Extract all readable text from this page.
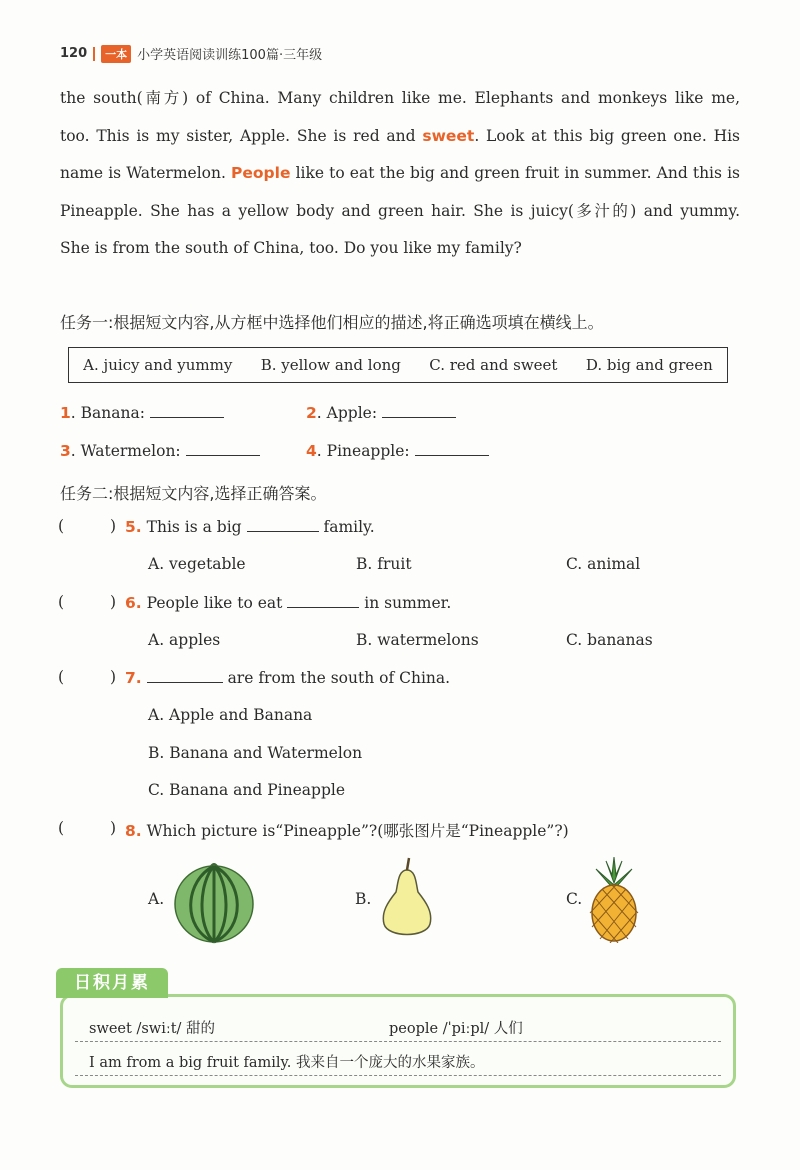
120	一本 小学英语阅读训练100篇·三年级
the south(南方) of China. Many children like me. Elephants and monkeys like me,
too. This is my sister, Apple. She is red and sweet. Look at this big green one. His
name is Watermelon. People like to eat the big and green fruit in summer. And this is
Pineapple. She has a yellow body and green hair. She is juicy(多汁的) and yummy.
She is from the south of China, too. Do you like my family?
任务一:根据短文内容,从方框中选择他们相应的描述,将正确选项填在横线上。
A. juicy and yummy B. yellow and long C. red and sweet D. big and green
1. Banana:	2. Apple:
3. Watermelon:	4. Pineapple:
任务二:根据短文内容,选择正确答案。
(	) 5. This is a big	family.
A. vegetable	B. fruit	C. animal
(	) 6. People like to eat	in summer.
A. apples	B. watermelons	C. bananas
(	) 7.	are from the south of China.
A. Apple and Banana
B. Banana and Watermelon
C. Banana and Pineapple
(	) 8. Which picture is“Pineapple”?(哪张图片是“Pineapple”?)
A.	B.	C.
sweet /swiːt/ 甜的	people /ˈpiːpl/ 人们
I am from a big fruit family. 我来自一个庞大的水果家族。
日积月累
